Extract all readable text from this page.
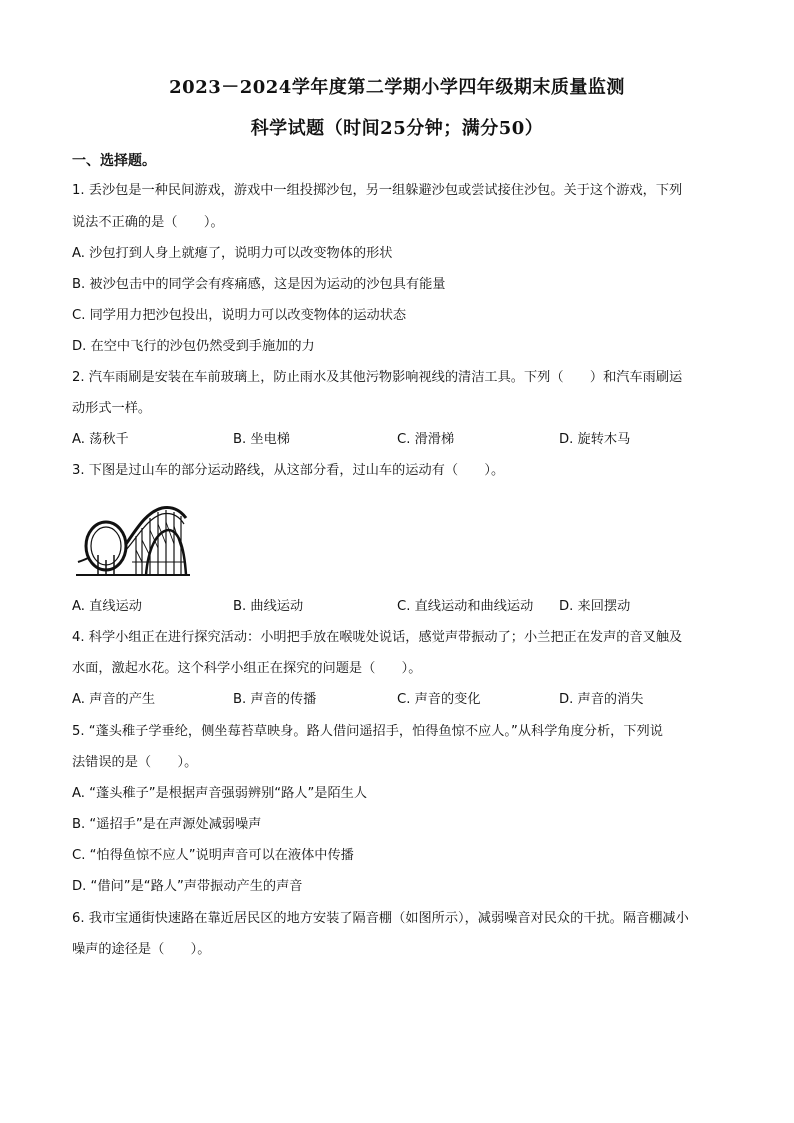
2023－2024学年度第二学期小学四年级期末质量监测
科学试题（时间25分钟；满分50）
一、选择题。
1. 丢沙包是一种民间游戏，游戏中一组投掷沙包，另一组躲避沙包或尝试接住沙包。关于这个游戏，下列
说法不正确的是（　　）。
A. 沙包打到人身上就瘪了，说明力可以改变物体的形状
B. 被沙包击中的同学会有疼痛感，这是因为运动的沙包具有能量
C. 同学用力把沙包投出，说明力可以改变物体的运动状态
D. 在空中飞行的沙包仍然受到手施加的力
2. 汽车雨刷是安装在车前玻璃上，防止雨水及其他污物影响视线的清洁工具。下列（　　）和汽车雨刷运
动形式一样。
A. 荡秋千	B. 坐电梯	C. 滑滑梯	D. 旋转木马
3. 下图是过山车的部分运动路线，从这部分看，过山车的运动有（　　）。
A. 直线运动	B. 曲线运动	C. 直线运动和曲线运动 D. 来回摆动
4. 科学小组正在进行探究活动：小明把手放在喉咙处说话，感觉声带振动了；小兰把正在发声的音叉触及
水面，激起水花。这个科学小组正在探究的问题是（　　）。
A. 声音的产生	B. 声音的传播	C. 声音的变化	D. 声音的消失
5. “蓬头稚子学垂纶，侧坐莓苔草映身。路人借问遥招手，怕得鱼惊不应人。”从科学角度分析，下列说
法错误的是（　　）。
A. “蓬头稚子”是根据声音强弱辨别“路人”是陌生人
B. “遥招手”是在声源处减弱噪声
C. “怕得鱼惊不应人”说明声音可以在液体中传播
D. “借问”是“路人”声带振动产生的声音
6. 我市宝通街快速路在靠近居民区的地方安装了隔音棚（如图所示），减弱噪音对民众的干扰。隔音棚减小
噪声的途径是（　　）。
